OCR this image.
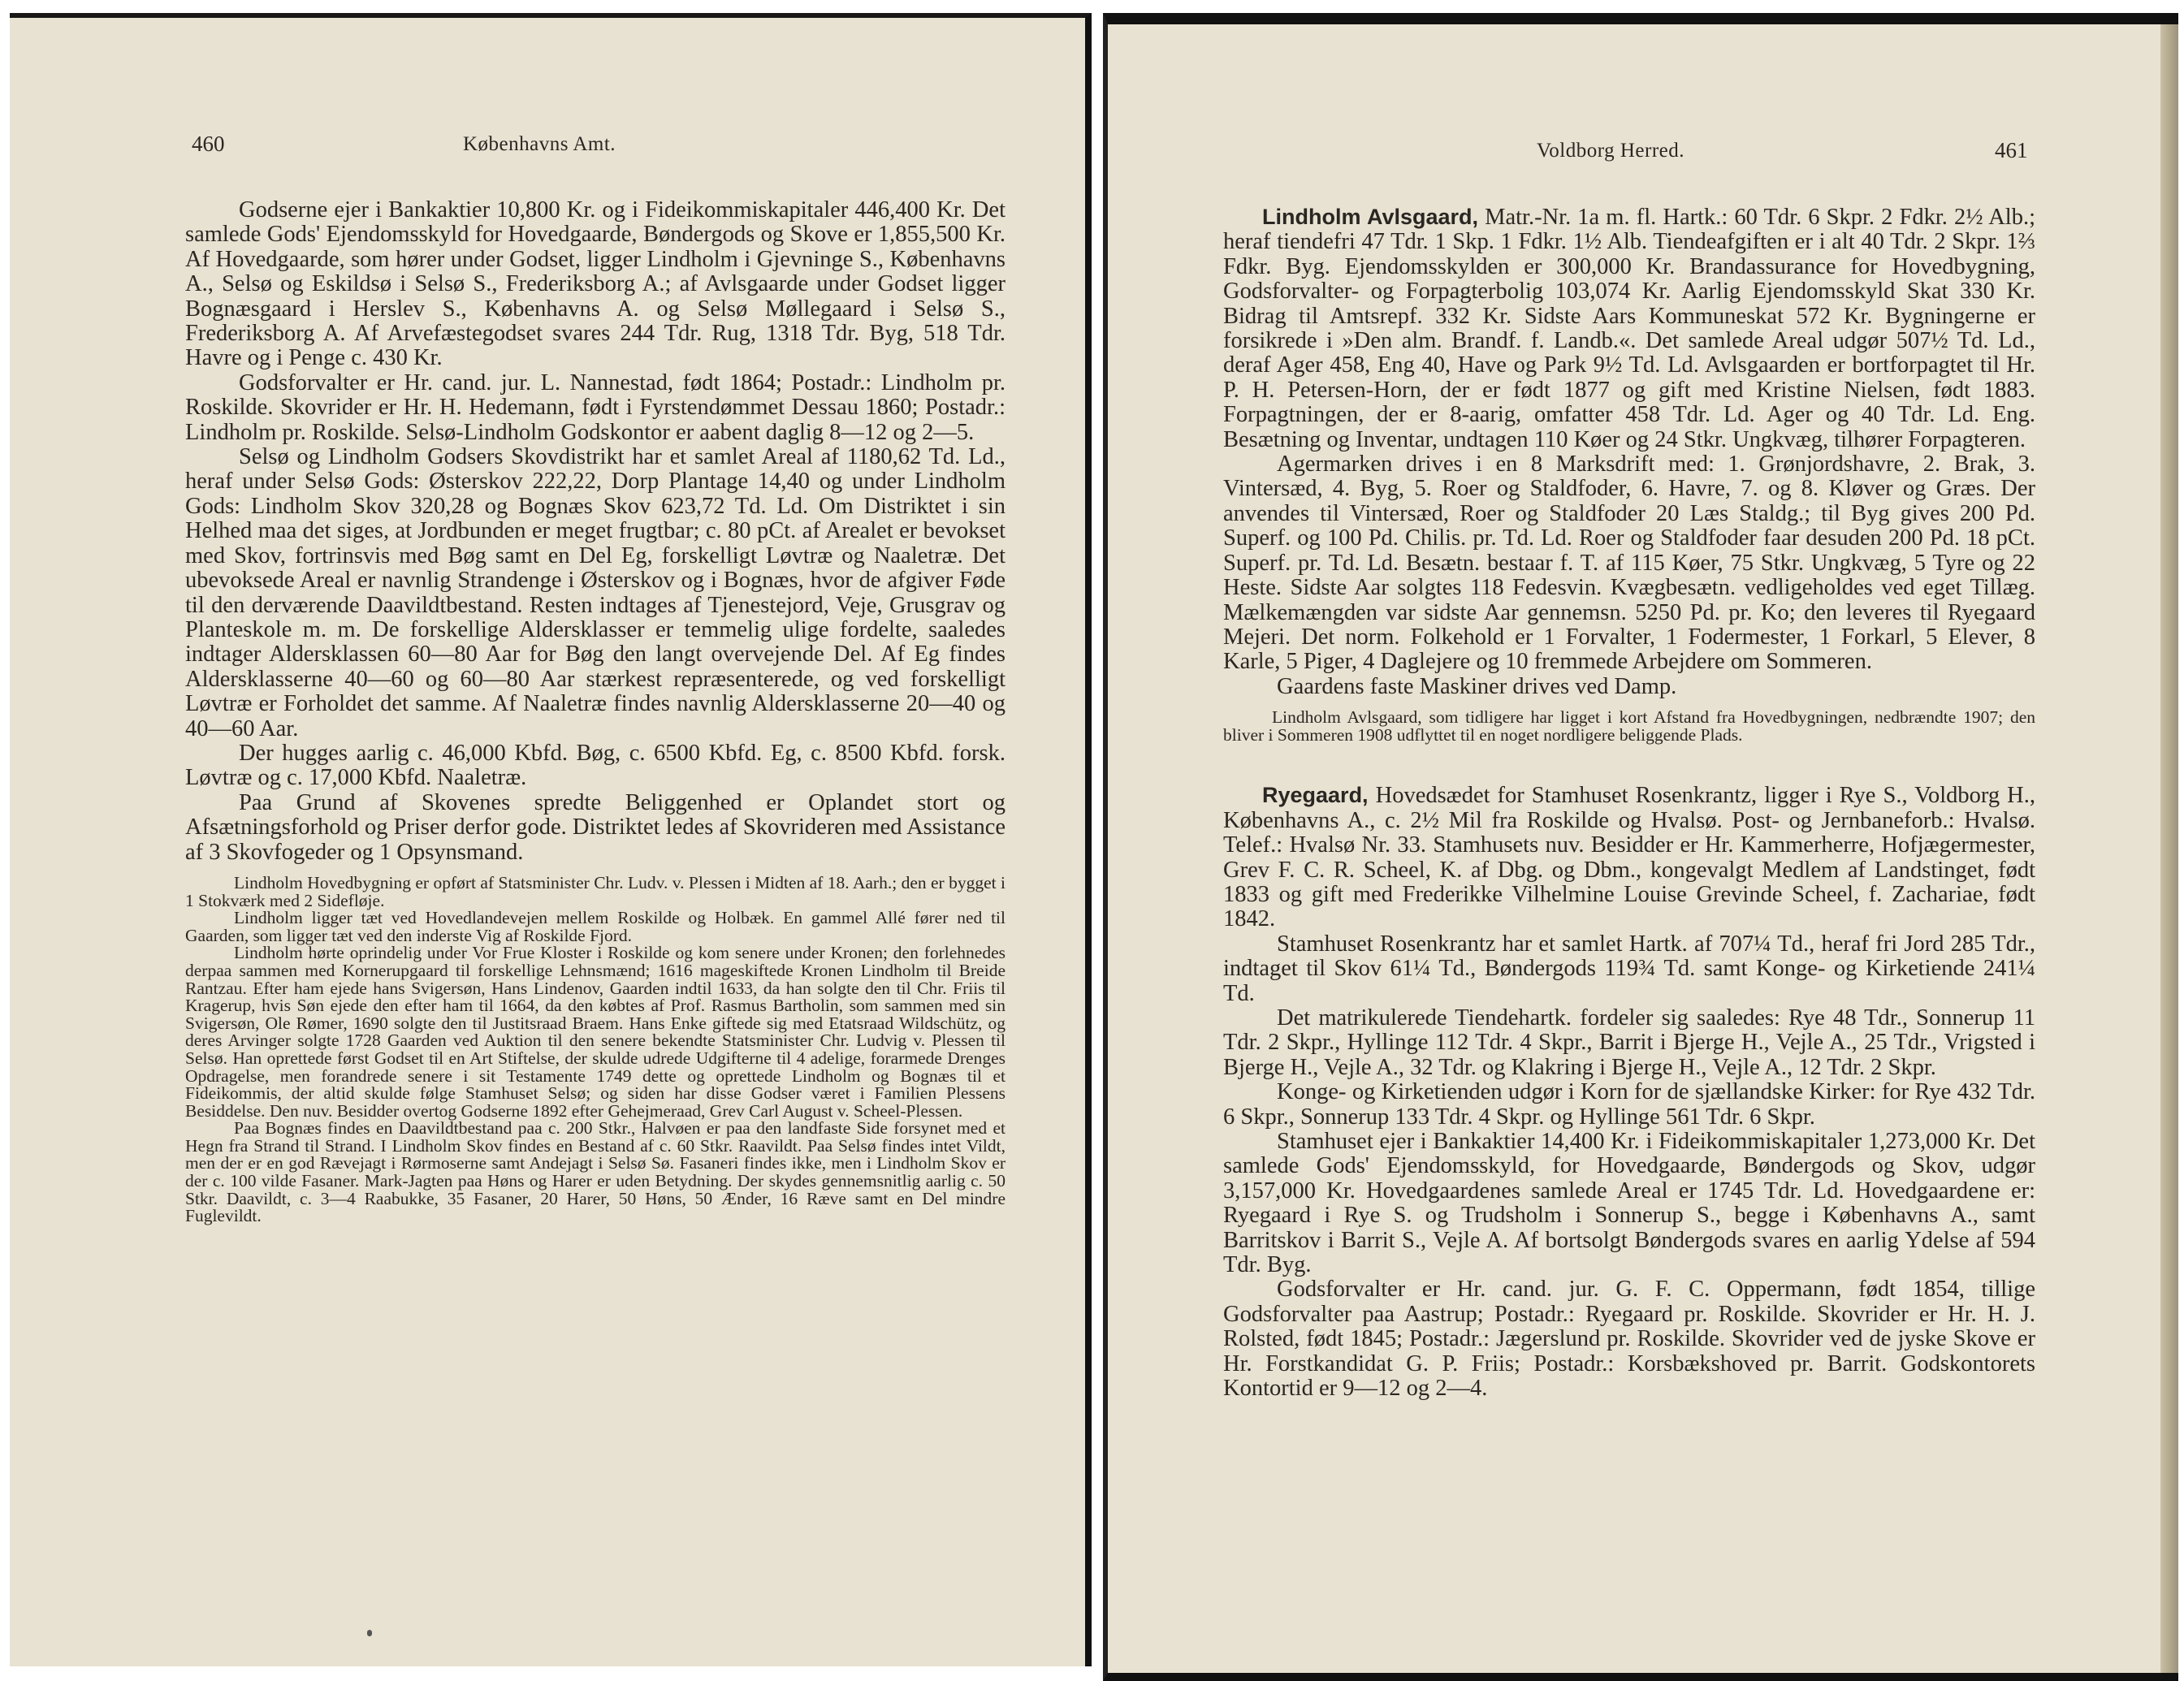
460	Københavns Amt.

Godserne ejer i Bankaktier 10,800 Kr. og i Fideikommiskapitaler 446,400 Kr. Det samlede Gods' Ejendomsskyld for Hovedgaarde, Bøndergods og Skove er 1,855,500 Kr. Af Hovedgaarde, som hører under Godset, ligger Lindholm i Gjevninge S., Københavns A., Selsø og Eskildsø i Selsø S., Frederiksborg A.; af Avlsgaarde under Godset ligger Bognæsgaard i Herslev S., Københavns A. og Selsø Møllegaard i Selsø S., Frederiksborg A. Af Arvefæstegodset svares 244 Tdr. Rug, 1318 Tdr. Byg, 518 Tdr. Havre og i Penge c. 430 Kr.

Godsforvalter er Hr. cand. jur. L. Nannestad, født 1864; Postadr.: Lindholm pr. Roskilde. Skovrider er Hr. H. Hedemann, født i Fyrstendømmet Dessau 1860; Postadr.: Lindholm pr. Roskilde. Selsø-Lindholm Godskontor er aabent daglig 8—12 og 2—5.

Selsø og Lindholm Godsers Skovdistrikt har et samlet Areal af 1180,62 Td. Ld., heraf under Selsø Gods: Østerskov 222,22, Dorp Plantage 14,40 og under Lindholm Gods: Lindholm Skov 320,28 og Bognæs Skov 623,72 Td. Ld. Om Distriktet i sin Helhed maa det siges, at Jordbunden er meget frugtbar; c. 80 pCt. af Arealet er bevokset med Skov, fortrinsvis med Bøg samt en Del Eg, forskelligt Løvtræ og Naaletræ. Det ubevoksede Areal er navnlig Strandenge i Østerskov og i Bognæs, hvor de afgiver Føde til den derværende Daavildtbestand. Resten indtages af Tjenestejord, Veje, Grusgrav og Planteskole m. m. De forskellige Aldersklasser er temmelig ulige fordelte, saaledes indtager Aldersklassen 60—80 Aar for Bøg den langt overvejende Del. Af Eg findes Aldersklasserne 40—60 og 60—80 Aar stærkest repræsenterede, og ved forskelligt Løvtræ er Forholdet det samme. Af Naaletræ findes navnlig Aldersklasserne 20—40 og 40—60 Aar.

Der hugges aarlig c. 46,000 Kbfd. Bøg, c. 6500 Kbfd. Eg, c. 8500 Kbfd. forsk. Løvtræ og c. 17,000 Kbfd. Naaletræ.

Paa Grund af Skovenes spredte Beliggenhed er Oplandet stort og Afsætningsforhold og Priser derfor gode. Distriktet ledes af Skovrideren med Assistance af 3 Skovfogeder og 1 Opsynsmand.

Lindholm Hovedbygning er opført af Statsminister Chr. Ludv. v. Plessen i Midten af 18. Aarh.; den er bygget i 1 Stokværk med 2 Sidefløje.

Lindholm ligger tæt ved Hovedlandevejen mellem Roskilde og Holbæk. En gammel Allé fører ned til Gaarden, som ligger tæt ved den inderste Vig af Roskilde Fjord.

Lindholm hørte oprindelig under Vor Frue Kloster i Roskilde og kom senere under Kronen; den forlehnedes derpaa sammen med Kornerupgaard til forskellige Lehnsmænd; 1616 mageskiftede Kronen Lindholm til Breide Rantzau. Efter ham ejede hans Svigersøn, Hans Lindenov, Gaarden indtil 1633, da han solgte den til Chr. Friis til Kragerup, hvis Søn ejede den efter ham til 1664, da den købtes af Prof. Rasmus Bartholin, som sammen med sin Svigersøn, Ole Rømer, 1690 solgte den til Justitsraad Braem. Hans Enke giftede sig med Etatsraad Wildschütz, og deres Arvinger solgte 1728 Gaarden ved Auktion til den senere bekendte Statsminister Chr. Ludvig v. Plessen til Selsø. Han oprettede først Godset til en Art Stiftelse, der skulde udrede Udgifterne til 4 adelige, forarmede Drenges Opdragelse, men forandrede senere i sit Testamente 1749 dette og oprettede Lindholm og Bognæs til et Fideikommis, der altid skulde følge Stamhuset Selsø; og siden har disse Godser været i Familien Plessens Besiddelse. Den nuv. Besidder overtog Godserne 1892 efter Gehejmeraad, Grev Carl August v. Scheel-Plessen.

Paa Bognæs findes en Daavildtbestand paa c. 200 Stkr., Halvøen er paa den landfaste Side forsynet med et Hegn fra Strand til Strand. I Lindholm Skov findes en Bestand af c. 60 Stkr. Raavildt. Paa Selsø findes intet Vildt, men der er en god Rævejagt i Rørmoserne samt Andejagt i Selsø Sø. Fasaneri findes ikke, men i Lindholm Skov er der c. 100 vilde Fasaner. Mark-Jagten paa Høns og Harer er uden Betydning. Der skydes gennemsnitlig aarlig c. 50 Stkr. Daavildt, c. 3—4 Raabukke, 35 Fasaner, 20 Harer, 50 Høns, 50 Ænder, 16 Ræve samt en Del mindre Fuglevildt.

Voldborg Herred.	461

Lindholm Avlsgaard, Matr.-Nr. 1a m. fl. Hartk.: 60 Tdr. 6 Skpr. 2 Fdkr. 2½ Alb.; heraf tiendefri 47 Tdr. 1 Skp. 1 Fdkr. 1½ Alb. Tiendeafgiften er i alt 40 Tdr. 2 Skpr. 1⅔ Fdkr. Byg. Ejendomsskylden er 300,000 Kr. Brandassurance for Hovedbygning, Godsforvalter- og Forpagterbolig 103,074 Kr. Aarlig Ejendomsskyld Skat 330 Kr. Bidrag til Amtsrepf. 332 Kr. Sidste Aars Kommuneskat 572 Kr. Bygningerne er forsikrede i »Den alm. Brandf. f. Landb.«. Det samlede Areal udgør 507½ Td. Ld., deraf Ager 458, Eng 40, Have og Park 9½ Td. Ld. Avlsgaarden er bortforpagtet til Hr. P. H. Petersen-Horn, der er født 1877 og gift med Kristine Nielsen, født 1883. Forpagtningen, der er 8-aarig, omfatter 458 Tdr. Ld. Ager og 40 Tdr. Ld. Eng. Besætning og Inventar, undtagen 110 Køer og 24 Stkr. Ungkvæg, tilhører Forpagteren.

Agermarken drives i en 8 Marksdrift med: 1. Grønjordshavre, 2. Brak, 3. Vintersæd, 4. Byg, 5. Roer og Staldfoder, 6. Havre, 7. og 8. Kløver og Græs. Der anvendes til Vintersæd, Roer og Staldfoder 20 Læs Staldg.; til Byg gives 200 Pd. Superf. og 100 Pd. Chilis. pr. Td. Ld. Roer og Staldfoder faar desuden 200 Pd. 18 pCt. Superf. pr. Td. Ld. Besætn. bestaar f. T. af 115 Køer, 75 Stkr. Ungkvæg, 5 Tyre og 22 Heste. Sidste Aar solgtes 118 Fedesvin. Kvægbesætn. vedligeholdes ved eget Tillæg. Mælkemængden var sidste Aar gennemsn. 5250 Pd. pr. Ko; den leveres til Ryegaard Mejeri. Det norm. Folkehold er 1 Forvalter, 1 Fodermester, 1 Forkarl, 5 Elever, 8 Karle, 5 Piger, 4 Daglejere og 10 fremmede Arbejdere om Sommeren.

Gaardens faste Maskiner drives ved Damp.

Lindholm Avlsgaard, som tidligere har ligget i kort Afstand fra Hovedbygningen, nedbrændte 1907; den bliver i Sommeren 1908 udflyttet til en noget nordligere beliggende Plads.

Ryegaard, Hovedsædet for Stamhuset Rosenkrantz, ligger i Rye S., Voldborg H., Københavns A., c. 2½ Mil fra Roskilde og Hvalsø. Post- og Jernbaneforb.: Hvalsø. Telef.: Hvalsø Nr. 33. Stamhusets nuv. Besidder er Hr. Kammerherre, Hofjægermester, Grev F. C. R. Scheel, K. af Dbg. og Dbm., kongevalgt Medlem af Landstinget, født 1833 og gift med Frederikke Vilhelmine Louise Grevinde Scheel, f. Zachariae, født 1842.

Stamhuset Rosenkrantz har et samlet Hartk. af 707¼ Td., heraf fri Jord 285 Tdr., indtaget til Skov 61¼ Td., Bøndergods 119¾ Td. samt Konge- og Kirketiende 241¼ Td.

Det matrikulerede Tiendehartk. fordeler sig saaledes: Rye 48 Tdr., Sonnerup 11 Tdr. 2 Skpr., Hyllinge 112 Tdr. 4 Skpr., Barrit i Bjerge H., Vejle A., 25 Tdr., Vrigsted i Bjerge H., Vejle A., 32 Tdr. og Klakring i Bjerge H., Vejle A., 12 Tdr. 2 Skpr.

Konge- og Kirketienden udgør i Korn for de sjællandske Kirker: for Rye 432 Tdr. 6 Skpr., Sonnerup 133 Tdr. 4 Skpr. og Hyllinge 561 Tdr. 6 Skpr.

Stamhuset ejer i Bankaktier 14,400 Kr. i Fideikommiskapitaler 1,273,000 Kr. Det samlede Gods' Ejendomsskyld, for Hovedgaarde, Bøndergods og Skov, udgør 3,157,000 Kr. Hovedgaardenes samlede Areal er 1745 Tdr. Ld. Hovedgaardene er: Ryegaard i Rye S. og Trudsholm i Sonnerup S., begge i Københavns A., samt Barritskov i Barrit S., Vejle A. Af bortsolgt Bøndergods svares en aarlig Ydelse af 594 Tdr. Byg.

Godsforvalter er Hr. cand. jur. G. F. C. Oppermann, født 1854, tillige Godsforvalter paa Aastrup; Postadr.: Ryegaard pr. Roskilde. Skovrider er Hr. H. J. Rolsted, født 1845; Postadr.: Jægerslund pr. Roskilde. Skovrider ved de jyske Skove er Hr. Forstkandidat G. P. Friis; Postadr.: Korsbækshoved pr. Barrit. Godskontorets Kontortid er 9—12 og 2—4.
